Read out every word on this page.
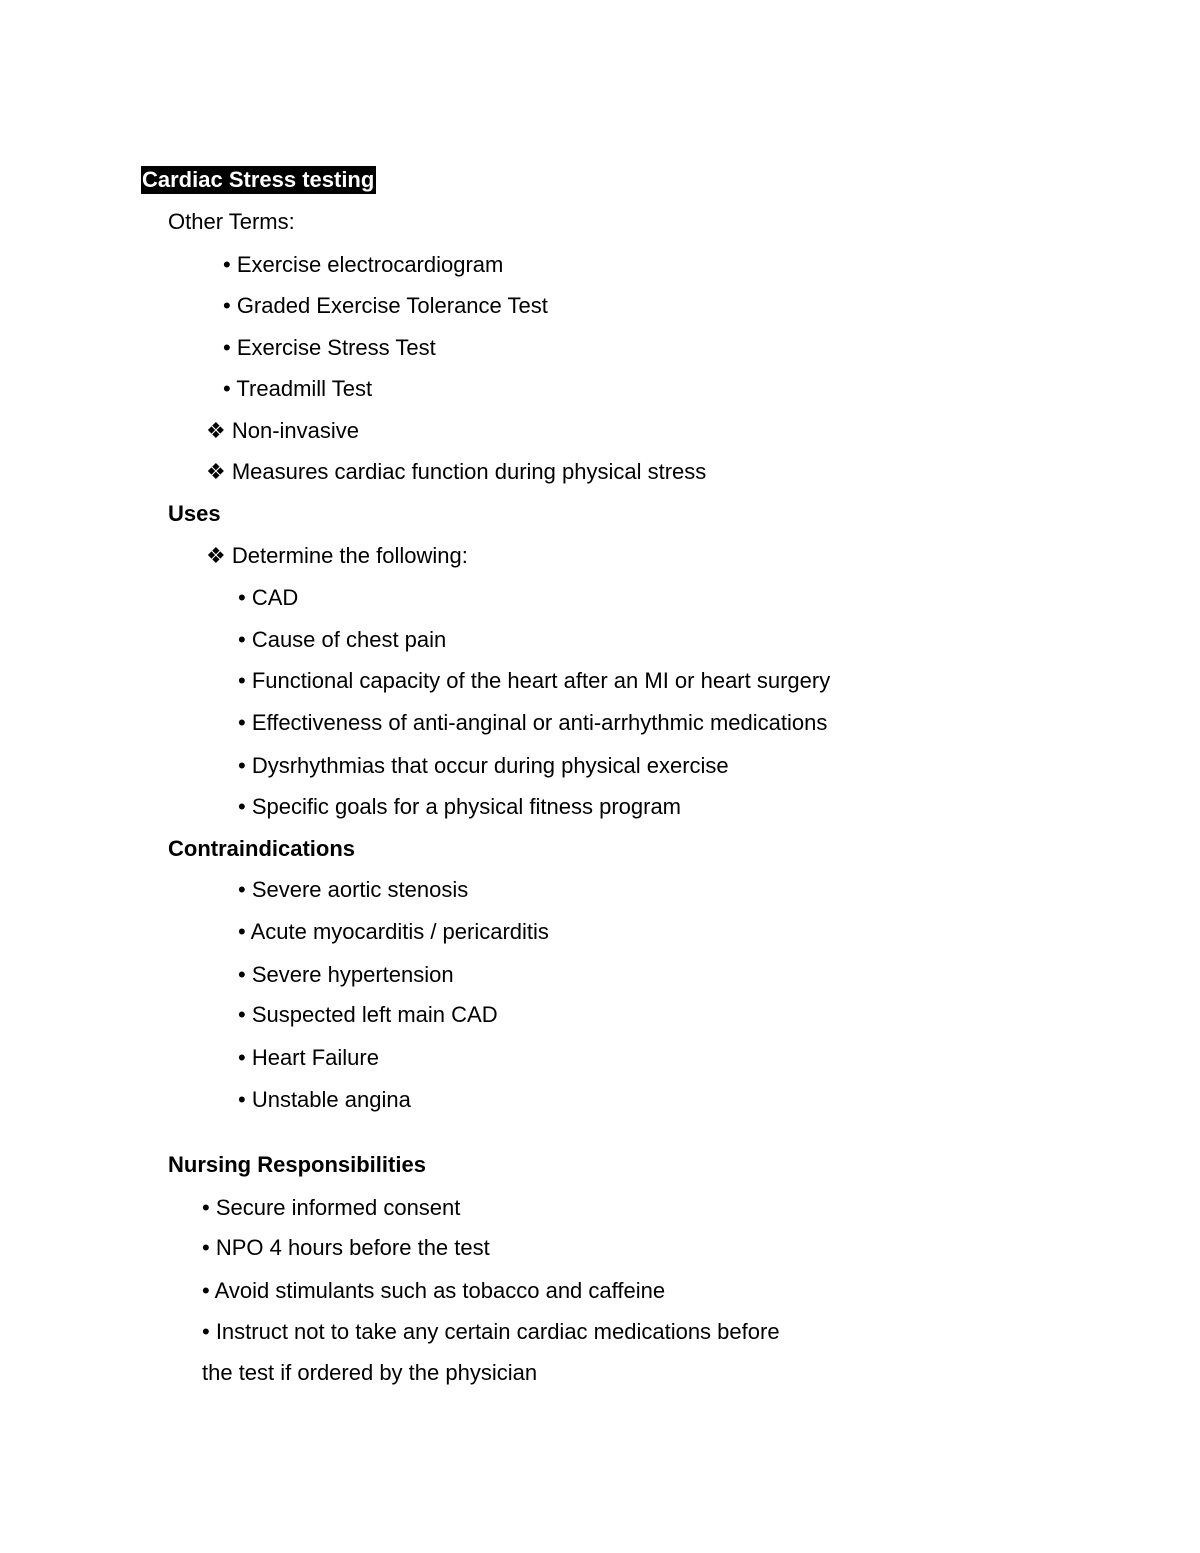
Cardiac Stress testing
Other Terms:
• Exercise electrocardiogram
• Graded Exercise Tolerance Test
• Exercise Stress Test
• Treadmill Test
❖ Non-invasive
❖ Measures cardiac function during physical stress
Uses
❖ Determine the following:
• CAD
• Cause of chest pain
• Functional capacity of the heart after an MI or heart surgery
• Effectiveness of anti-anginal or anti-arrhythmic medications
• Dysrhythmias that occur during physical exercise
• Specific goals for a physical fitness program
Contraindications
• Severe aortic stenosis
• Acute myocarditis / pericarditis
• Severe hypertension
• Suspected left main CAD
• Heart Failure
• Unstable angina
Nursing Responsibilities
• Secure informed consent
• NPO 4 hours before the test
• Avoid stimulants such as tobacco and caffeine
• Instruct not to take any certain cardiac medications before
the test if ordered by the physician
